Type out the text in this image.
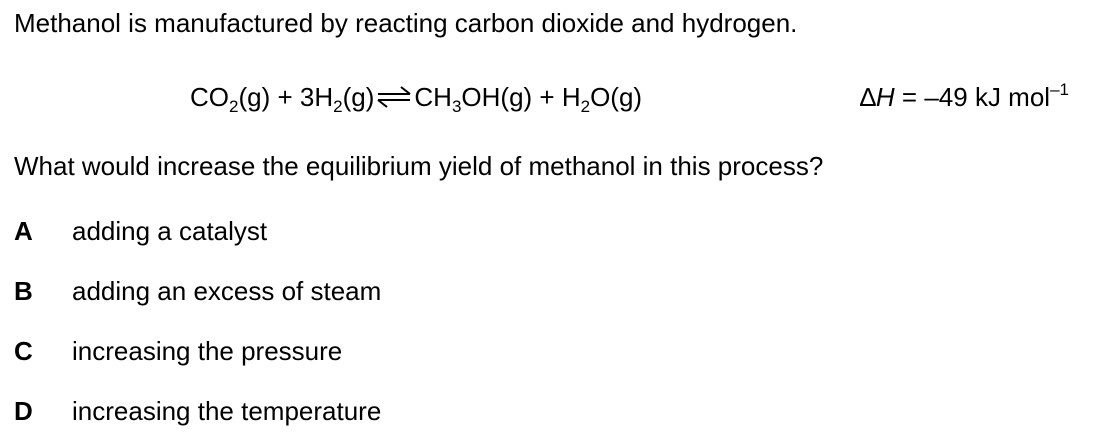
Methanol is manufactured by reacting carbon dioxide and hydrogen.
$CO_2(g)$ + $3H_2(g)\rightleftharpoons CH_3OH(g) + H_2O(g)$	∆H = –49 kJ mol$^{-1}$
What would increase the equilibrium yield of methanol in this process?
A	adding a catalyst
B	adding an excess of steam
C	increasing the pressure
D	increasing the temperature
